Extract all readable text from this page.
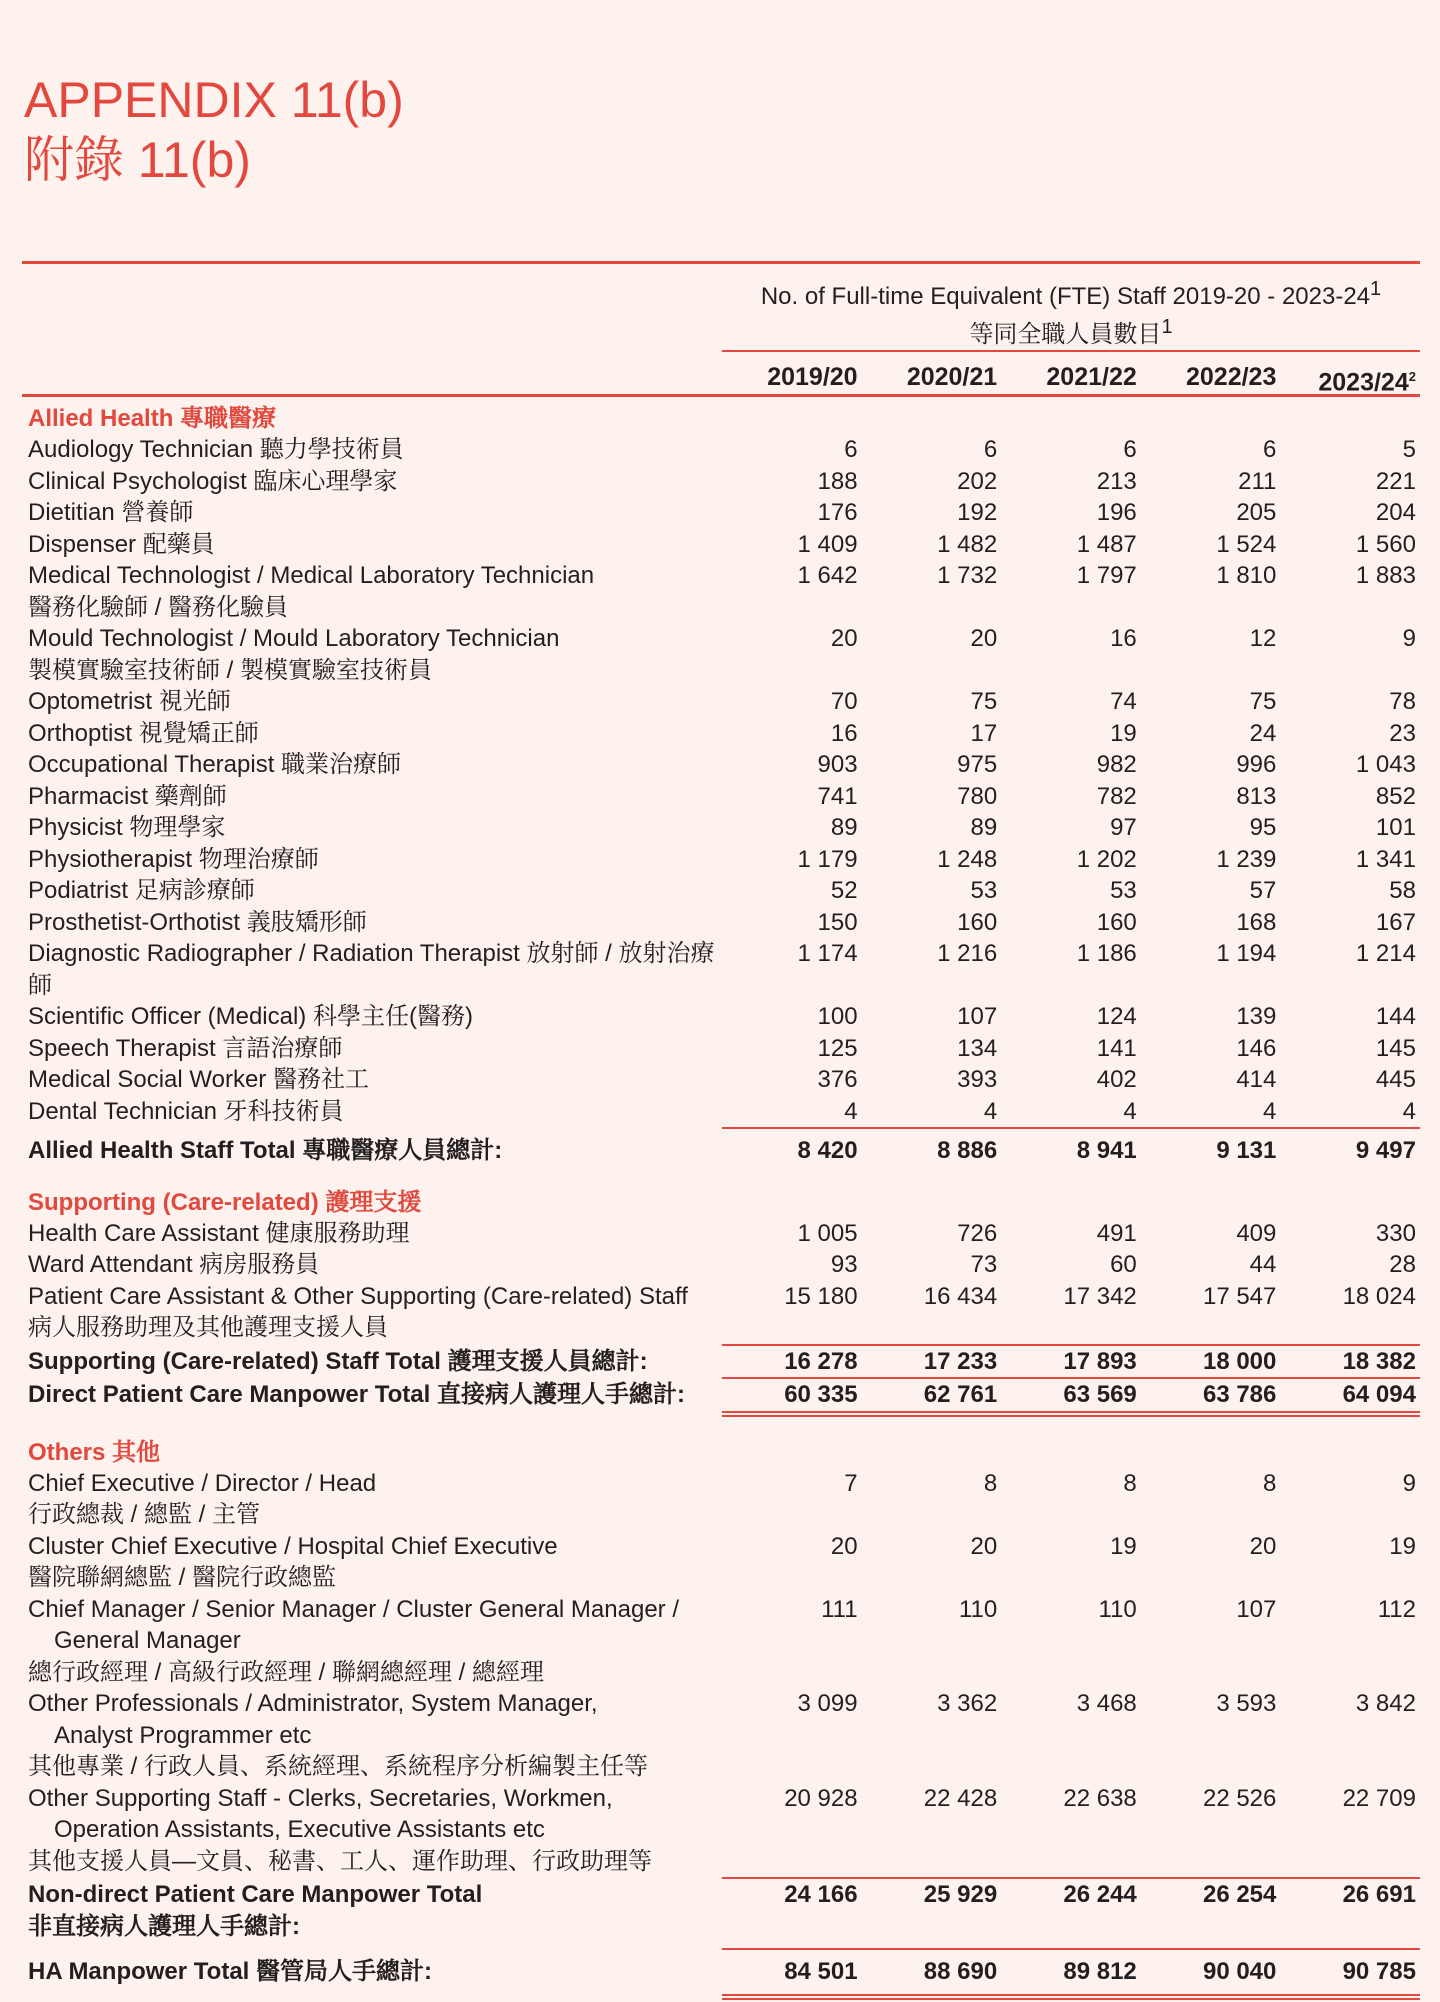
APPENDIX 11(b)
附錄 11(b)
No. of Full-time Equivalent (FTE) Staff $2019-20 - 2023-24^1$
等同全職人員數目$^1$
2019/20	2020/21	2021/22	2022/23	$2023/24^2$
Allied Health 專職醫療
Audiology Technician 聽力學技術員	6	6	6	6	5
Clinical Psychologist 臨床心理學家	188	202	213	211	221
Dietitian 營養師	176	192	196	205	204
Dispenser 配藥員	1 409	1 482	1 487	1 524	1 560
Medical Technologist / Medical Laboratory Technician
醫務化驗師 / 醫務化驗員
1 642	1 732	1 797	1 810	1 883
Mould Technologist / Mould Laboratory Technician
製模實驗室技術師 / 製模實驗室技術員
20	20	16	12	9
Optometrist 視光師	70	75	74	75	78
Orthoptist 視覺矯正師	16	17	19	24	23
Occupational Therapist 職業治療師	903	975	982	996	1 043
Pharmacist 藥劑師	741	780	782	813	852
Physicist 物理學家	89	89	97	95	101
Physiotherapist 物理治療師	1 179	1 248	1 202	1 239	1 341
Podiatrist 足病診療師	52	53	53	57	58
Prosthetist-Orthotist 義肢矯形師	150	160	160	168	167
Diagnostic Radiographer / Radiation Therapist 放射師 / 放射治療師
1 174	1 216	1 186	1 194	1 214
Scientific Officer (Medical) 科學主任(醫務)	100	107	124	139	144
Speech Therapist 言語治療師	125	134	141	146	145
Medical Social Worker 醫務社工	376	393	402	414	445
Dental Technician 牙科技術員	4	4	4	4	4
Allied Health Staff Total 專職醫療人員總計:	8 420	8 886	8 941	9 131	9 497
Supporting (Care-related) 護理支援
Health Care Assistant 健康服務助理	1 005	726	491	409	330
Ward Attendant 病房服務員	93	73	60	44	28
Patient Care Assistant & Other Supporting (Care-related) Staff
病人服務助理及其他護理支援人員
15 180	16 434	17 342	17 547	18 024
Supporting (Care-related) Staff Total 護理支援人員總計:	16 278	17 233	17 893	18 000	18 382
Direct Patient Care Manpower Total 直接病人護理人手總計:	60 335	62 761	63 569	63 786	64 094
Others 其他
Chief Executive / Director / Head
行政總裁 / 總監 / 主管
7	8	8	8	9
Cluster Chief Executive / Hospital Chief Executive
醫院聯網總監 / 醫院行政總監
20	20	19	20	19
Chief Manager / Senior Manager / Cluster General Manager /
General Manager
總行政經理 / 高級行政經理 / 聯網總經理 / 總經理
111	110	110	107	112
Other Professionals / Administrator, System Manager,
Analyst Programmer etc
其他專業 / 行政人員、系統經理、系統程序分析編製主任等
3 099	3 362	3 468	3 593	3 842
Other Supporting Staff - Clerks, Secretaries, Workmen,
Operation Assistants, Executive Assistants etc
其他支援人員—文員、秘書、工人、運作助理、行政助理等
20 928	22 428	22 638	22 526	22 709
Non-direct Patient Care Manpower Total
非直接病人護理人手總計:
24 166	25 929	26 244	26 254	26 691
HA Manpower Total 醫管局人手總計:	84 501	88 690	89 812	90 040	90 785
